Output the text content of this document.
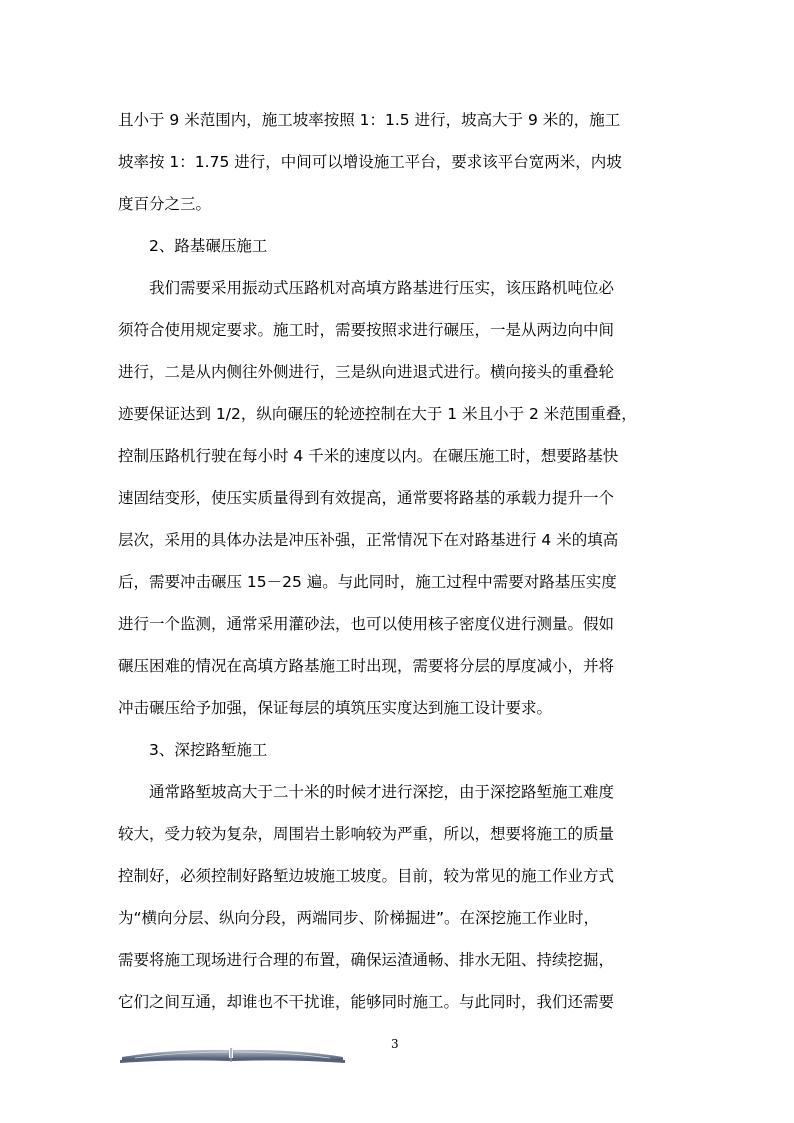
且小于 9 米范围内，施工坡率按照 1：1.5 进行，坡高大于 9 米的，施工
坡率按 1：1.75 进行，中间可以增设施工平台，要求该平台宽两米，内坡
度百分之三。
2、路基碾压施工
我们需要采用振动式压路机对高填方路基进行压实，该压路机吨位必
须符合使用规定要求。施工时，需要按照求进行碾压，一是从两边向中间
进行，二是从内侧往外侧进行，三是纵向进退式进行。横向接头的重叠轮
迹要保证达到 1/2，纵向碾压的轮迹控制在大于 1 米且小于 2 米范围重叠，
控制压路机行驶在每小时 4 千米的速度以内。在碾压施工时，想要路基快
速固结变形，使压实质量得到有效提高，通常要将路基的承载力提升一个
层次，采用的具体办法是冲压补强，正常情况下在对路基进行 4 米的填高
后，需要冲击碾压 15－25 遍。与此同时，施工过程中需要对路基压实度
进行一个监测，通常采用灌砂法，也可以使用核子密度仪进行测量。假如
碾压困难的情况在高填方路基施工时出现，需要将分层的厚度减小，并将
冲击碾压给予加强，保证每层的填筑压实度达到施工设计要求。
3、深挖路堑施工
通常路堑坡高大于二十米的时候才进行深挖，由于深挖路堑施工难度
较大，受力较为复杂，周围岩土影响较为严重，所以，想要将施工的质量
控制好，必须控制好路堑边坡施工坡度。目前，较为常见的施工作业方式
为“横向分层、纵向分段，两端同步、阶梯掘进”。在深挖施工作业时，
需要将施工现场进行合理的布置，确保运渣通畅、排水无阻、持续挖掘，
它们之间互通，却谁也不干扰谁，能够同时施工。与此同时，我们还需要
3
